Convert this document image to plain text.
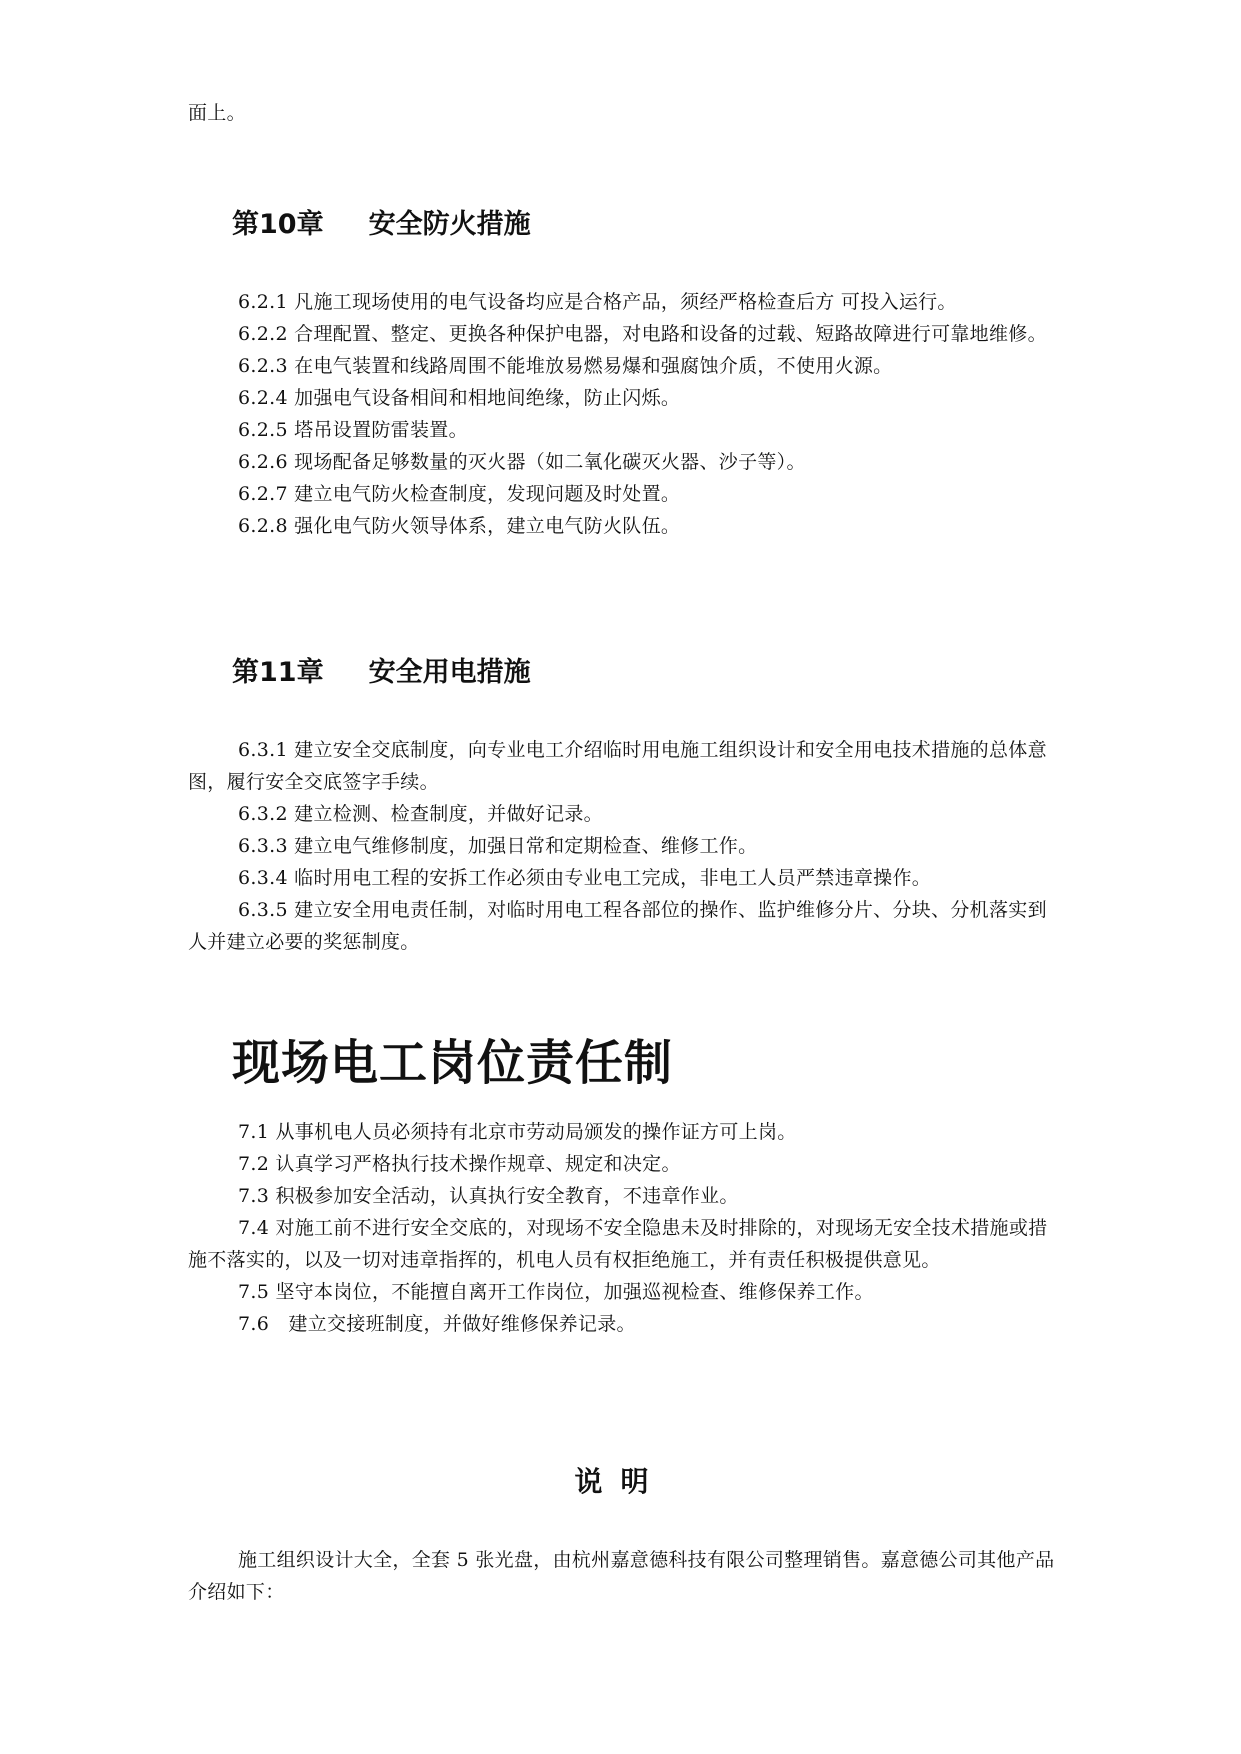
面上。

第10章 安全防火措施

6.2.1 凡施工现场使用的电气设备均应是合格产品，须经严格检查后方 可投入运行。

6.2.2 合理配置、整定、更换各种保护电器，对电路和设备的过载、短路故障进行可靠地维修。

6.2.3 在电气装置和线路周围不能堆放易燃易爆和强腐蚀介质，不使用火源。

6.2.4 加强电气设备相间和相地间绝缘，防止闪烁。

6.2.5 塔吊设置防雷装置。

6.2.6 现场配备足够数量的灭火器（如二氧化碳灭火器、沙子等）。

6.2.7 建立电气防火检查制度，发现问题及时处置。

6.2.8 强化电气防火领导体系，建立电气防火队伍。

第11章 安全用电措施

6.3.1 建立安全交底制度，向专业电工介绍临时用电施工组织设计和安全用电技术措施的总体意图，履行安全交底签字手续。

6.3.2 建立检测、检查制度，并做好记录。

6.3.3 建立电气维修制度，加强日常和定期检查、维修工作。

6.3.4 临时用电工程的安拆工作必须由专业电工完成，非电工人员严禁违章操作。

6.3.5 建立安全用电责任制，对临时用电工程各部位的操作、监护维修分片、分块、分机落实到人并建立必要的奖惩制度。

现场电工岗位责任制

7.1 从事机电人员必须持有北京市劳动局颁发的操作证方可上岗。

7.2 认真学习严格执行技术操作规章、规定和决定。

7.3 积极参加安全活动，认真执行安全教育，不违章作业。

7.4 对施工前不进行安全交底的，对现场不安全隐患未及时排除的，对现场无安全技术措施或措施不落实的，以及一切对违章指挥的，机电人员有权拒绝施工，并有责任积极提供意见。

7.5 坚守本岗位，不能擅自离开工作岗位，加强巡视检查、维修保养工作。

7.6　建立交接班制度，并做好维修保养记录。

说明

施工组织设计大全，全套 5 张光盘，由杭州嘉意德科技有限公司整理销售。嘉意德公司其他产品介绍如下：
